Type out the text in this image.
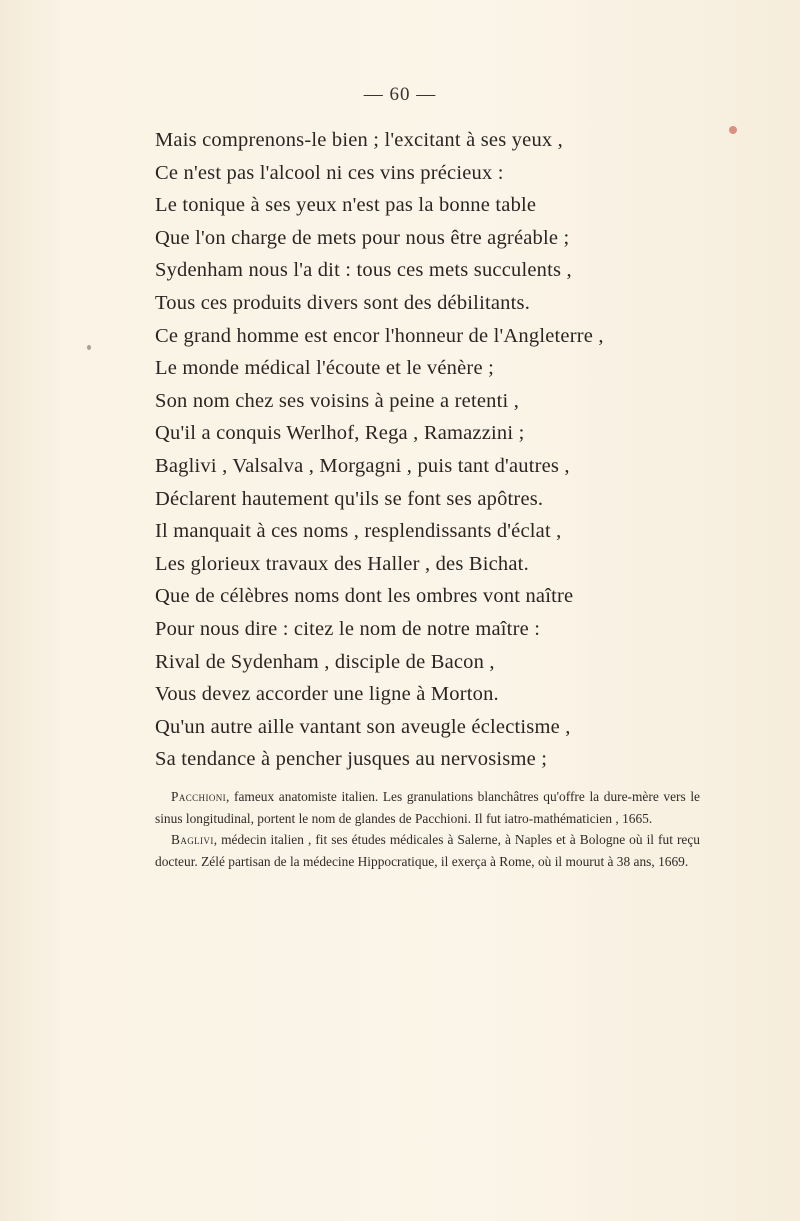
— 60 —
Mais comprenons-le bien ; l'excitant à ses yeux ,
Ce n'est pas l'alcool ni ces vins précieux :
Le tonique à ses yeux n'est pas la bonne table
Que l'on charge de mets pour nous être agréable ;
Sydenham nous l'a dit : tous ces mets succulents ,
Tous ces produits divers sont des débilitants.
Ce grand homme est encor l'honneur de l'Angleterre ,
Le monde médical l'écoute et le vénère ;
Son nom chez ses voisins à peine a retenti ,
Qu'il a conquis Werlhof, Rega , Ramazzini ;
Baglivi , Valsalva , Morgagni , puis tant d'autres ,
Déclarent hautement qu'ils se font ses apôtres.
Il manquait à ces noms , resplendissants d'éclat ,
Les glorieux travaux des Haller , des Bichat.
Que de célèbres noms dont les ombres vont naître
Pour nous dire : citez le nom de notre maître :
Rival de Sydenham , disciple de Bacon ,
Vous devez accorder une ligne à Morton.
Qu'un autre aille vantant son aveugle éclectisme ,
Sa tendance à pencher jusques au nervosisme ;

Pacchioni, fameux anatomiste italien. Les granulations blanchâtres qu'offre la dure-mère vers le sinus longitudinal, portent le nom de glandes de Pacchioni. Il fut iatro-mathématicien , 1665.

Baglivi, médecin italien , fit ses études médicales à Salerne, à Naples et à Bologne où il fut reçu docteur. Zélé partisan de la médecine Hippocratique, il exerça à Rome, où il mourut à 38 ans, 1669.
